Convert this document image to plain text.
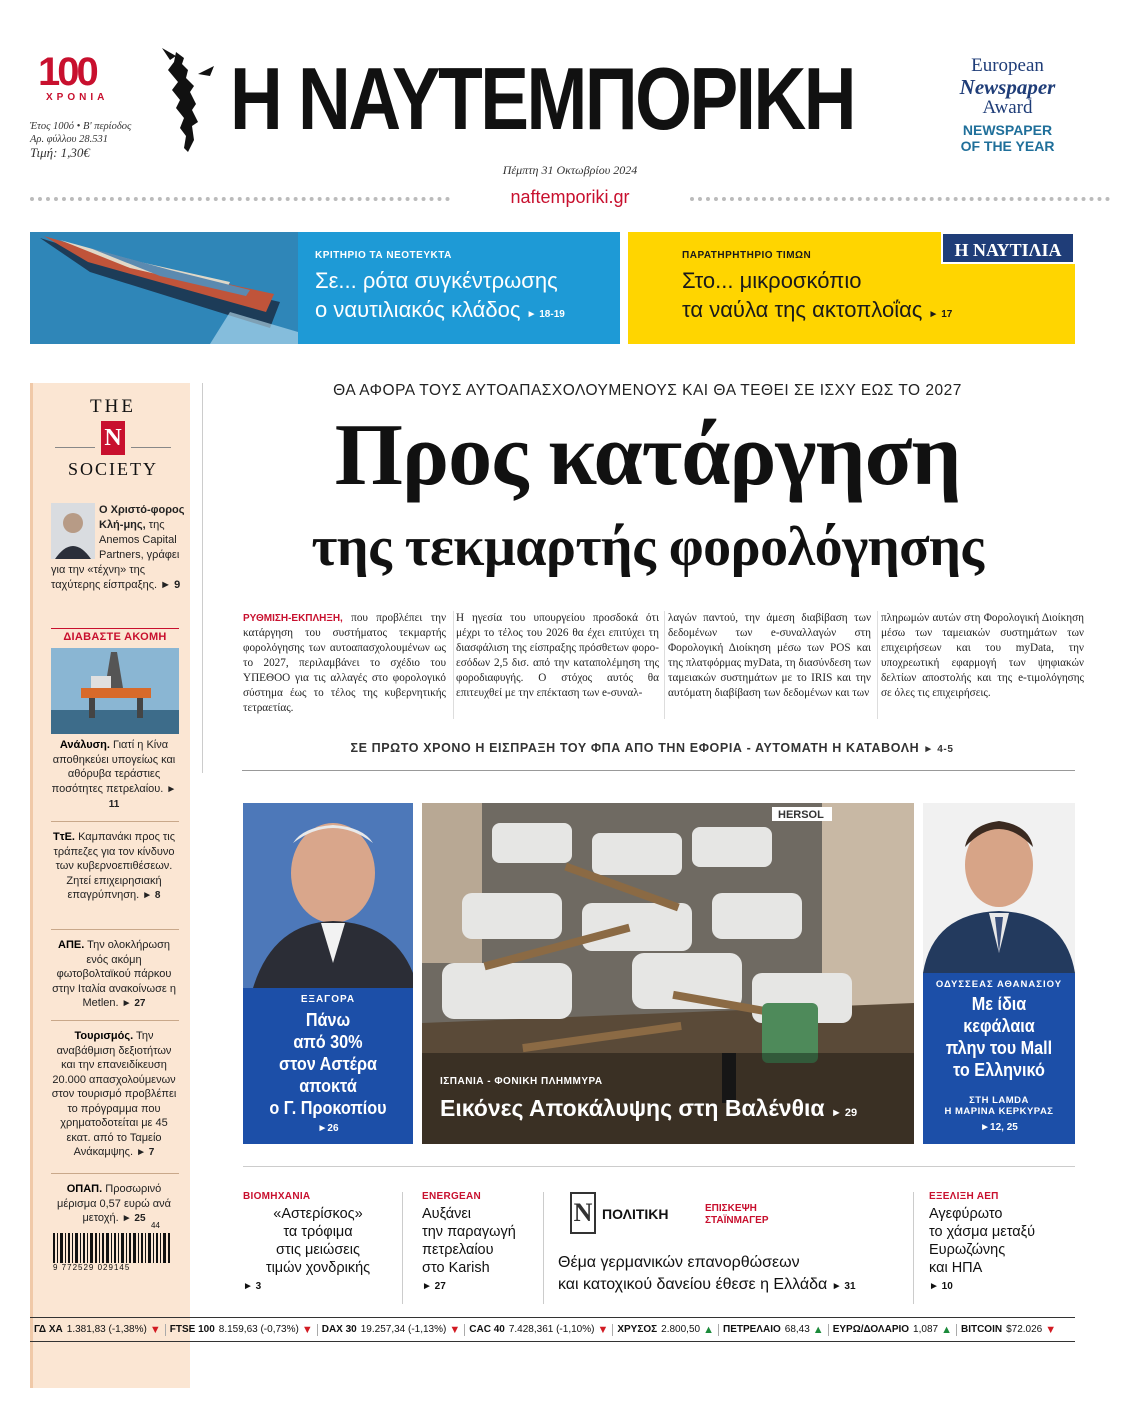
100
ΧΡΟΝΙΑ
Έτος 100ό • Β' περίοδος
Αρ. φύλλου 28.531
Τιμή: 1,30€
Η ΝΑΥΤΕΜΠΟΡΙΚΗ
Πέμπτη 31 Οκτωβρίου 2024
naftemporiki.gr
European
Newspaper
Award
NEWSPAPER
OF THE YEAR
ΚΡΙΤΗΡΙΟ ΤΑ ΝΕΟΤΕΥΚΤΑ
Σε... ρότα συγκέντρωσης
ο ναυτιλιακός κλάδος ► 18-19
Η ΝΑΥΤΙΛΙΑ
ΠΑΡΑΤΗΡΗΤΗΡΙΟ ΤΙΜΩΝ
Στο... μικροσκόπιο
τα ναύλα της ακτοπλοΐας ► 17
THE
N
SOCIETY
Ο Χριστό-φορος Κλή-μης, της Anemos Capital Partners, γράφει για την «τέχνη» της ταχύτερης είσπραξης. ► 9
ΔΙΑΒΑΣΤΕ ΑΚΟΜΗ
Ανάλυση. Γιατί η Κίνα αποθηκεύει υπογείως και αθόρυβα τεράστιες ποσότητες πετρελαίου. ► 11
ΤτΕ. Καμπανάκι προς τις τράπεζες για τον κίνδυνο των κυβερνοεπιθέσεων. Ζητεί επιχειρησιακή επαγρύπνηση. ► 8
ΑΠΕ. Την ολοκλήρωση ενός ακόμη φωτοβολταϊκού πάρκου στην Ιταλία ανακοίνωσε η Metlen. ► 27
Τουρισμός. Την αναβάθμιση δεξιοτήτων και την επανειδίκευση 20.000 απασχολούμενων στον τουρισμό προβλέπει το πρόγραμμα που χρηματοδοτείται με 45 εκατ. από το Ταμείο Ανάκαμψης. ► 7
ΟΠΑΠ. Προσωρινό μέρισμα 0,57 ευρώ ανά μετοχή. ► 25
44
9 772529 029145
ΘΑ ΑΦΟΡΑ ΤΟΥΣ ΑΥΤΟΑΠΑΣΧΟΛΟΥΜΕΝΟΥΣ ΚΑΙ ΘΑ ΤΕΘΕΙ ΣΕ ΙΣΧΥ ΕΩΣ ΤΟ 2027
Προς κατάργηση
της τεκμαρτής φορολόγησης
ΡΥΘΜΙΣΗ-ΕΚΠΛΗΞΗ, που προβλέπει την κατάργηση του συστήματος τεκμαρτής φορολόγησης των αυτοαπασχολουμένων ως το 2027, περιλαμβάνει το σχέδιο του ΥΠΕΘΟΟ για τις αλλαγές στο φορολογικό σύστημα έως το τέλος της κυβερνητικής τετραετίας.
Η ηγεσία του υπουργείου προσδοκά ότι μέχρι το τέλος του 2026 θα έχει επιτύχει τη διασφάλιση της είσπραξης πρόσθετων φορο-εσόδων 2,5 δισ. από την καταπολέμηση της φοροδιαφυγής. Ο στόχος αυτός θα επιτευχθεί με την επέκταση των e-συναλ-
λαγών παντού, την άμεση διαβίβαση των δεδομένων των e-συναλλαγών στη Φορολογική Διοίκηση μέσω των POS και της πλατφόρμας myData, τη διασύνδεση των ταμειακών συστημάτων με το IRIS και την αυτόματη διαβίβαση των δεδομένων και των
πληρωμών αυτών στη Φορολογική Διοίκηση μέσω των ταμειακών συστημάτων των επιχειρήσεων και του myData, την υποχρεωτική εφαρμογή των ψηφιακών δελτίων αποστολής και της e-τιμολόγησης σε όλες τις επιχειρήσεις.
ΣΕ ΠΡΩΤΟ ΧΡΟΝΟ Η ΕΙΣΠΡΑΞΗ ΤΟΥ ΦΠΑ ΑΠΟ ΤΗΝ ΕΦΟΡΙΑ - ΑΥΤΟΜΑΤΗ Η ΚΑΤΑΒΟΛΗ ► 4-5
ΕΞΑΓΟΡΑ
Πάνω
από 30%
στον Αστέρα
αποκτά
ο Γ. Προκοπίου
►26
HERSOL
ΙΣΠΑΝΙΑ - ΦΟΝΙΚΗ ΠΛΗΜΜΥΡΑ
Εικόνες Αποκάλυψης στη Βαλένθια ► 29
ΟΔΥΣΣΕΑΣ ΑΘΑΝΑΣΙΟΥ
Με ίδια
κεφάλαια
πλην του Mall
το Ελληνικό
ΣΤΗ LAMDA
Η ΜΑΡΙΝΑ ΚΕΡΚΥΡΑΣ
►12, 25
ΒΙΟΜΗΧΑΝΙΑ
«Αστερίσκος»
τα τρόφιμα
στις μειώσεις
τιμών χονδρικής
► 3
ENERGEAN
Αυξάνει
την παραγωγή
πετρελαίου
στο Karish
► 27
N ΠΟΛΙΤΙΚΗ	ΕΠΙΣΚΕΨΗ
ΣΤΑΪΝΜΑΓΕΡ
Θέμα γερμανικών επανορθώσεων
και κατοχικού δανείου έθεσε η Ελλάδα ► 31
ΕΞΕΛΙΞΗ ΑΕΠ
Αγεφύρωτο
το χάσμα μεταξύ
Ευρωζώνης
και ΗΠΑ
► 10
ΓΔ ΧΑ 1.381,83 (-1,38%) ▼ FTSE 100 8.159,63 (-0,73%) ▼ DAX 30 19.257,34 (-1,13%) ▼ CAC 40 7.428,361 (-1,10%) ▼ ΧΡΥΣΟΣ 2.800,50 ▲ ΠΕΤΡΕΛΑΙΟ 68,43 ▲ ΕΥΡΩ/ΔΟΛΑΡΙΟ 1,087 ▲ BITCOIN $72.026 ▼
